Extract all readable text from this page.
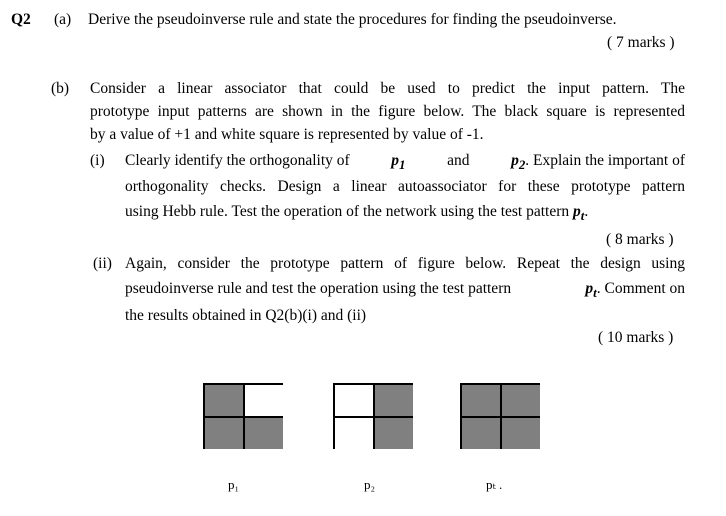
Q2 (a) Derive the pseudoinverse rule and state the procedures for finding the pseudoinverse.
( 7 marks )
(b) Consider a linear associator that could be used to predict the input pattern. The
prototype input patterns are shown in the figure below. The black square is represented
by a value of +1 and white square is represented by value of -1.
(i) Clearly identify the orthogonality of	$p_1$	and	$p_2$. Explain the important of
orthogonality checks. Design a linear autoassociator for these prototype pattern
using Hebb rule. Test the operation of the network using the test pattern $p_t$.
( 8 marks )
(ii) Again, consider the prototype pattern of figure below. Repeat the design using
pseudoinverse rule and test the operation using the test pattern	$p_t$. Comment on
the results obtained in Q2(b)(i) and (ii)
( 10 marks )
p₁	p₂	pₜ .
